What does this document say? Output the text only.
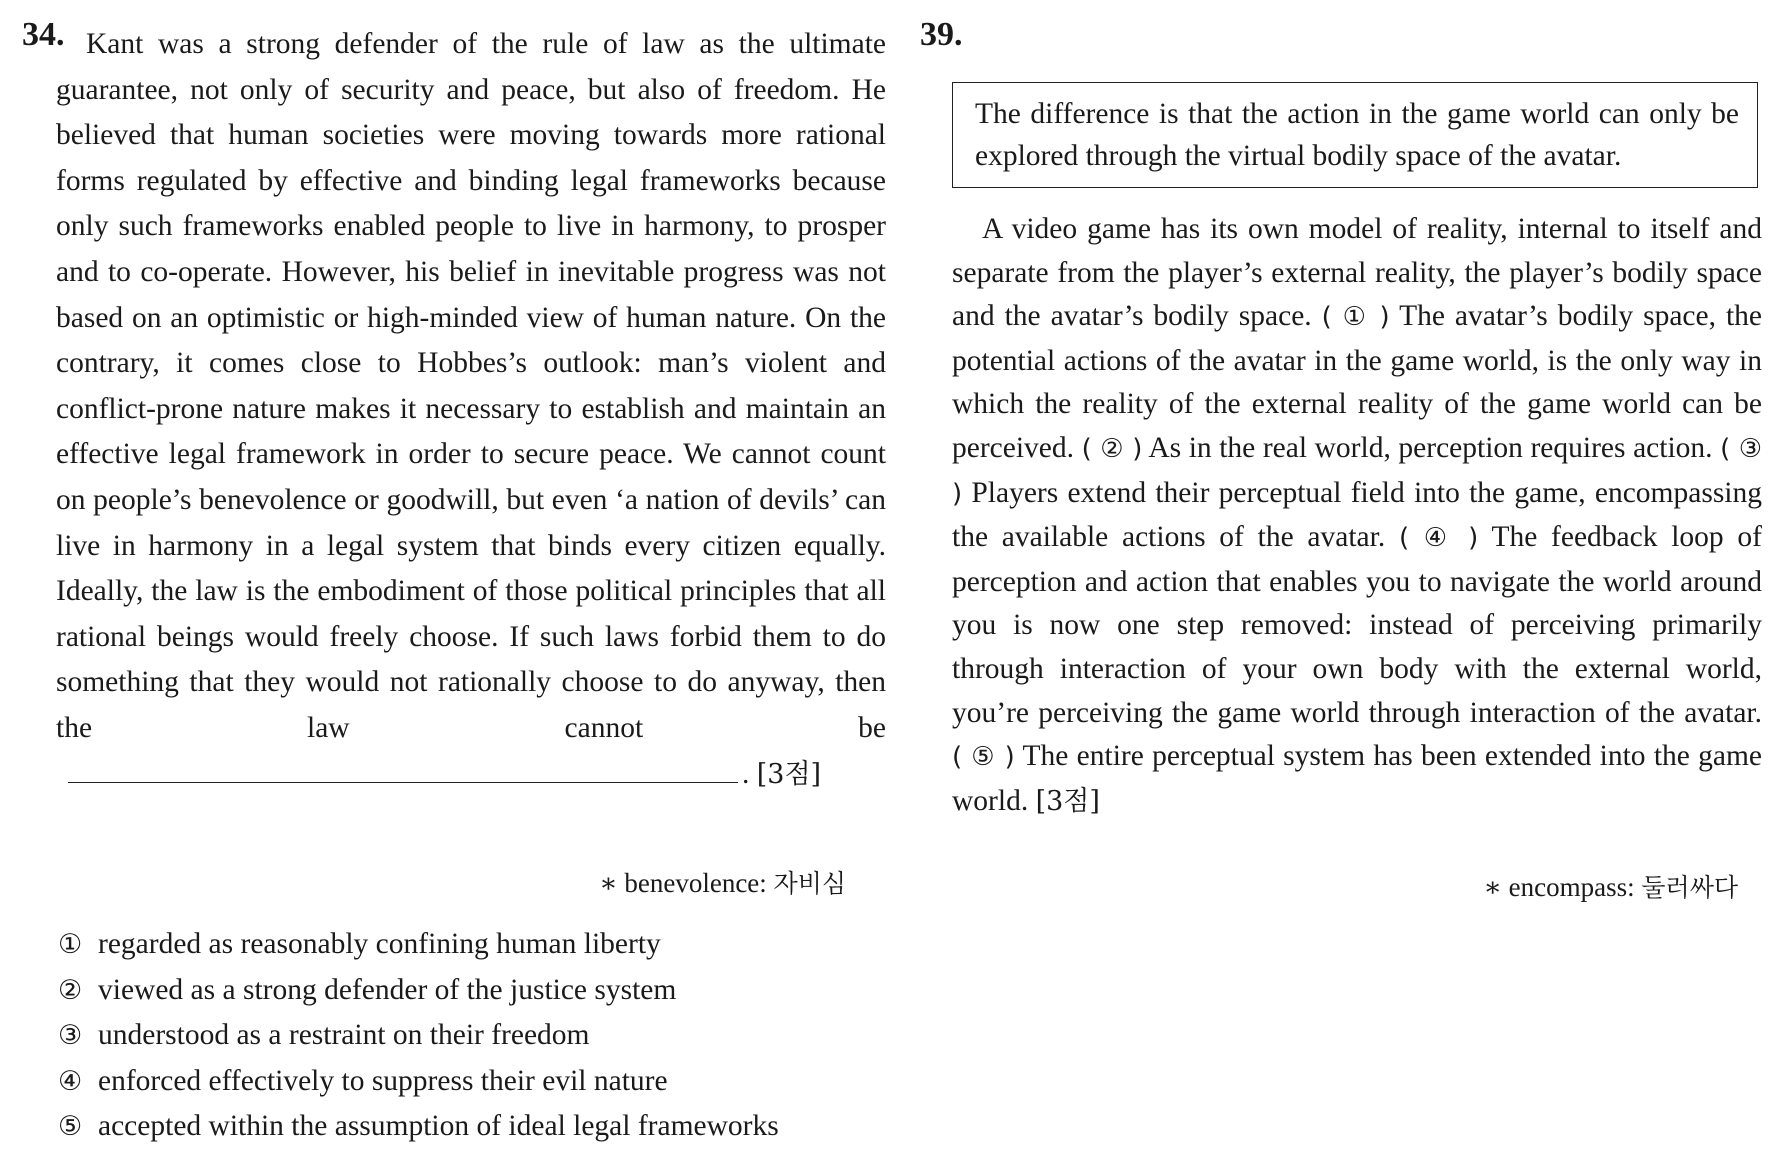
34. Kant was a strong defender of the rule of law as the ultimate guarantee, not only of security and peace, but also of freedom. He believed that human societies were moving towards more rational forms regulated by effective and binding legal frameworks because only such frameworks enabled people to live in harmony, to prosper and to co-operate. However, his belief in inevitable progress was not based on an optimistic or high-minded view of human nature. On the contrary, it comes close to Hobbes’s outlook: man’s violent and conflict-prone nature makes it necessary to establish and maintain an effective legal framework in order to secure peace. We cannot count on people’s benevolence or goodwill, but even ‘a nation of devils’ can live in harmony in a legal system that binds every citizen equally. Ideally, the law is the embodiment of those political principles that all rational beings would freely choose. If such laws forbid them to do something that they would not rationally choose to do anyway, then the law cannot be. [3점]

∗ benevolence: 자비심
① regarded as reasonably confining human liberty
② viewed as a strong defender of the justice system
③ understood as a restraint on their freedom
④ enforced effectively to suppress their evil nature
⑤ accepted within the assumption of ideal legal frameworks
39.
The difference is that the action in the game world can only be explored through the virtual bodily space of the avatar.

A video game has its own model of reality, internal to itself and separate from the player’s external reality, the player’s bodily space and the avatar’s bodily space. ( ① ) The avatar’s bodily space, the potential actions of the avatar in the game world, is the only way in which the reality of the external reality of the game world can be perceived. ( ② ) As in the real world, perception requires action. ( ③ ) Players extend their perceptual field into the game, encompassing the available actions of the avatar. ( ④ ) The feedback loop of perception and action that enables you to navigate the world around you is now one step removed: instead of perceiving primarily through interaction of your own body with the external world, you’re perceiving the game world through interaction of the avatar. ( ⑤ ) The entire perceptual system has been extended into the game world. [3점]

∗ encompass: 둘러싸다
